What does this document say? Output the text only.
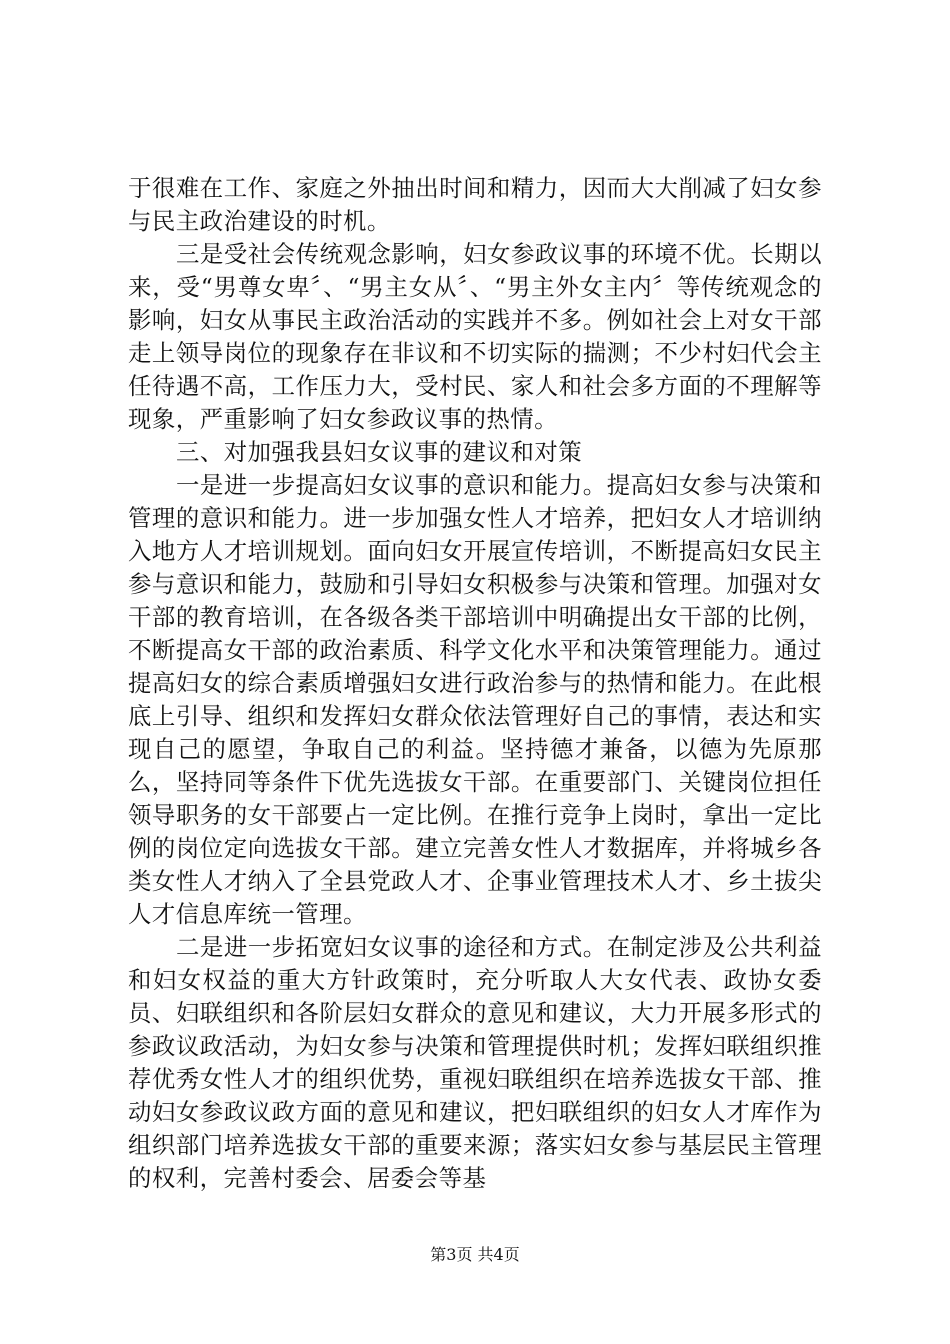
于很难在工作、家庭之外抽出时间和精力，因而大大削减了妇女参与民主政治建设的时机。

三是受社会传统观念影响，妇女参政议事的环境不优。长期以来，受“男尊女卑〞、“男主女从〞、“男主外女主内〞等传统观念的影响，妇女从事民主政治活动的实践并不多。例如社会上对女干部走上领导岗位的现象存在非议和不切实际的揣测；不少村妇代会主任待遇不高，工作压力大，受村民、家人和社会多方面的不理解等现象，严重影响了妇女参政议事的热情。

三、对加强我县妇女议事的建议和对策

一是进一步提高妇女议事的意识和能力。提高妇女参与决策和管理的意识和能力。进一步加强女性人才培养，把妇女人才培训纳入地方人才培训规划。面向妇女开展宣传培训，不断提高妇女民主参与意识和能力，鼓励和引导妇女积极参与决策和管理。加强对女干部的教育培训，在各级各类干部培训中明确提出女干部的比例，不断提高女干部的政治素质、科学文化水平和决策管理能力。通过提高妇女的综合素质增强妇女进行政治参与的热情和能力。在此根底上引导、组织和发挥妇女群众依法管理好自己的事情，表达和实现自己的愿望，争取自己的利益。坚持德才兼备，以德为先原那么，坚持同等条件下优先选拔女干部。在重要部门、关键岗位担任领导职务的女干部要占一定比例。在推行竞争上岗时，拿出一定比例的岗位定向选拔女干部。建立完善女性人才数据库，并将城乡各类女性人才纳入了全县党政人才、企事业管理技术人才、乡土拔尖人才信息库统一管理。

二是进一步拓宽妇女议事的途径和方式。在制定涉及公共利益和妇女权益的重大方针政策时，充分听取人大女代表、政协女委员、妇联组织和各阶层妇女群众的意见和建议，大力开展多形式的参政议政活动，为妇女参与决策和管理提供时机；发挥妇联组织推荐优秀女性人才的组织优势，重视妇联组织在培养选拔女干部、推动妇女参政议政方面的意见和建议，把妇联组织的妇女人才库作为组织部门培养选拔女干部的重要来源；落实妇女参与基层民主管理的权利，完善村委会、居委会等基

第3页 共4页
